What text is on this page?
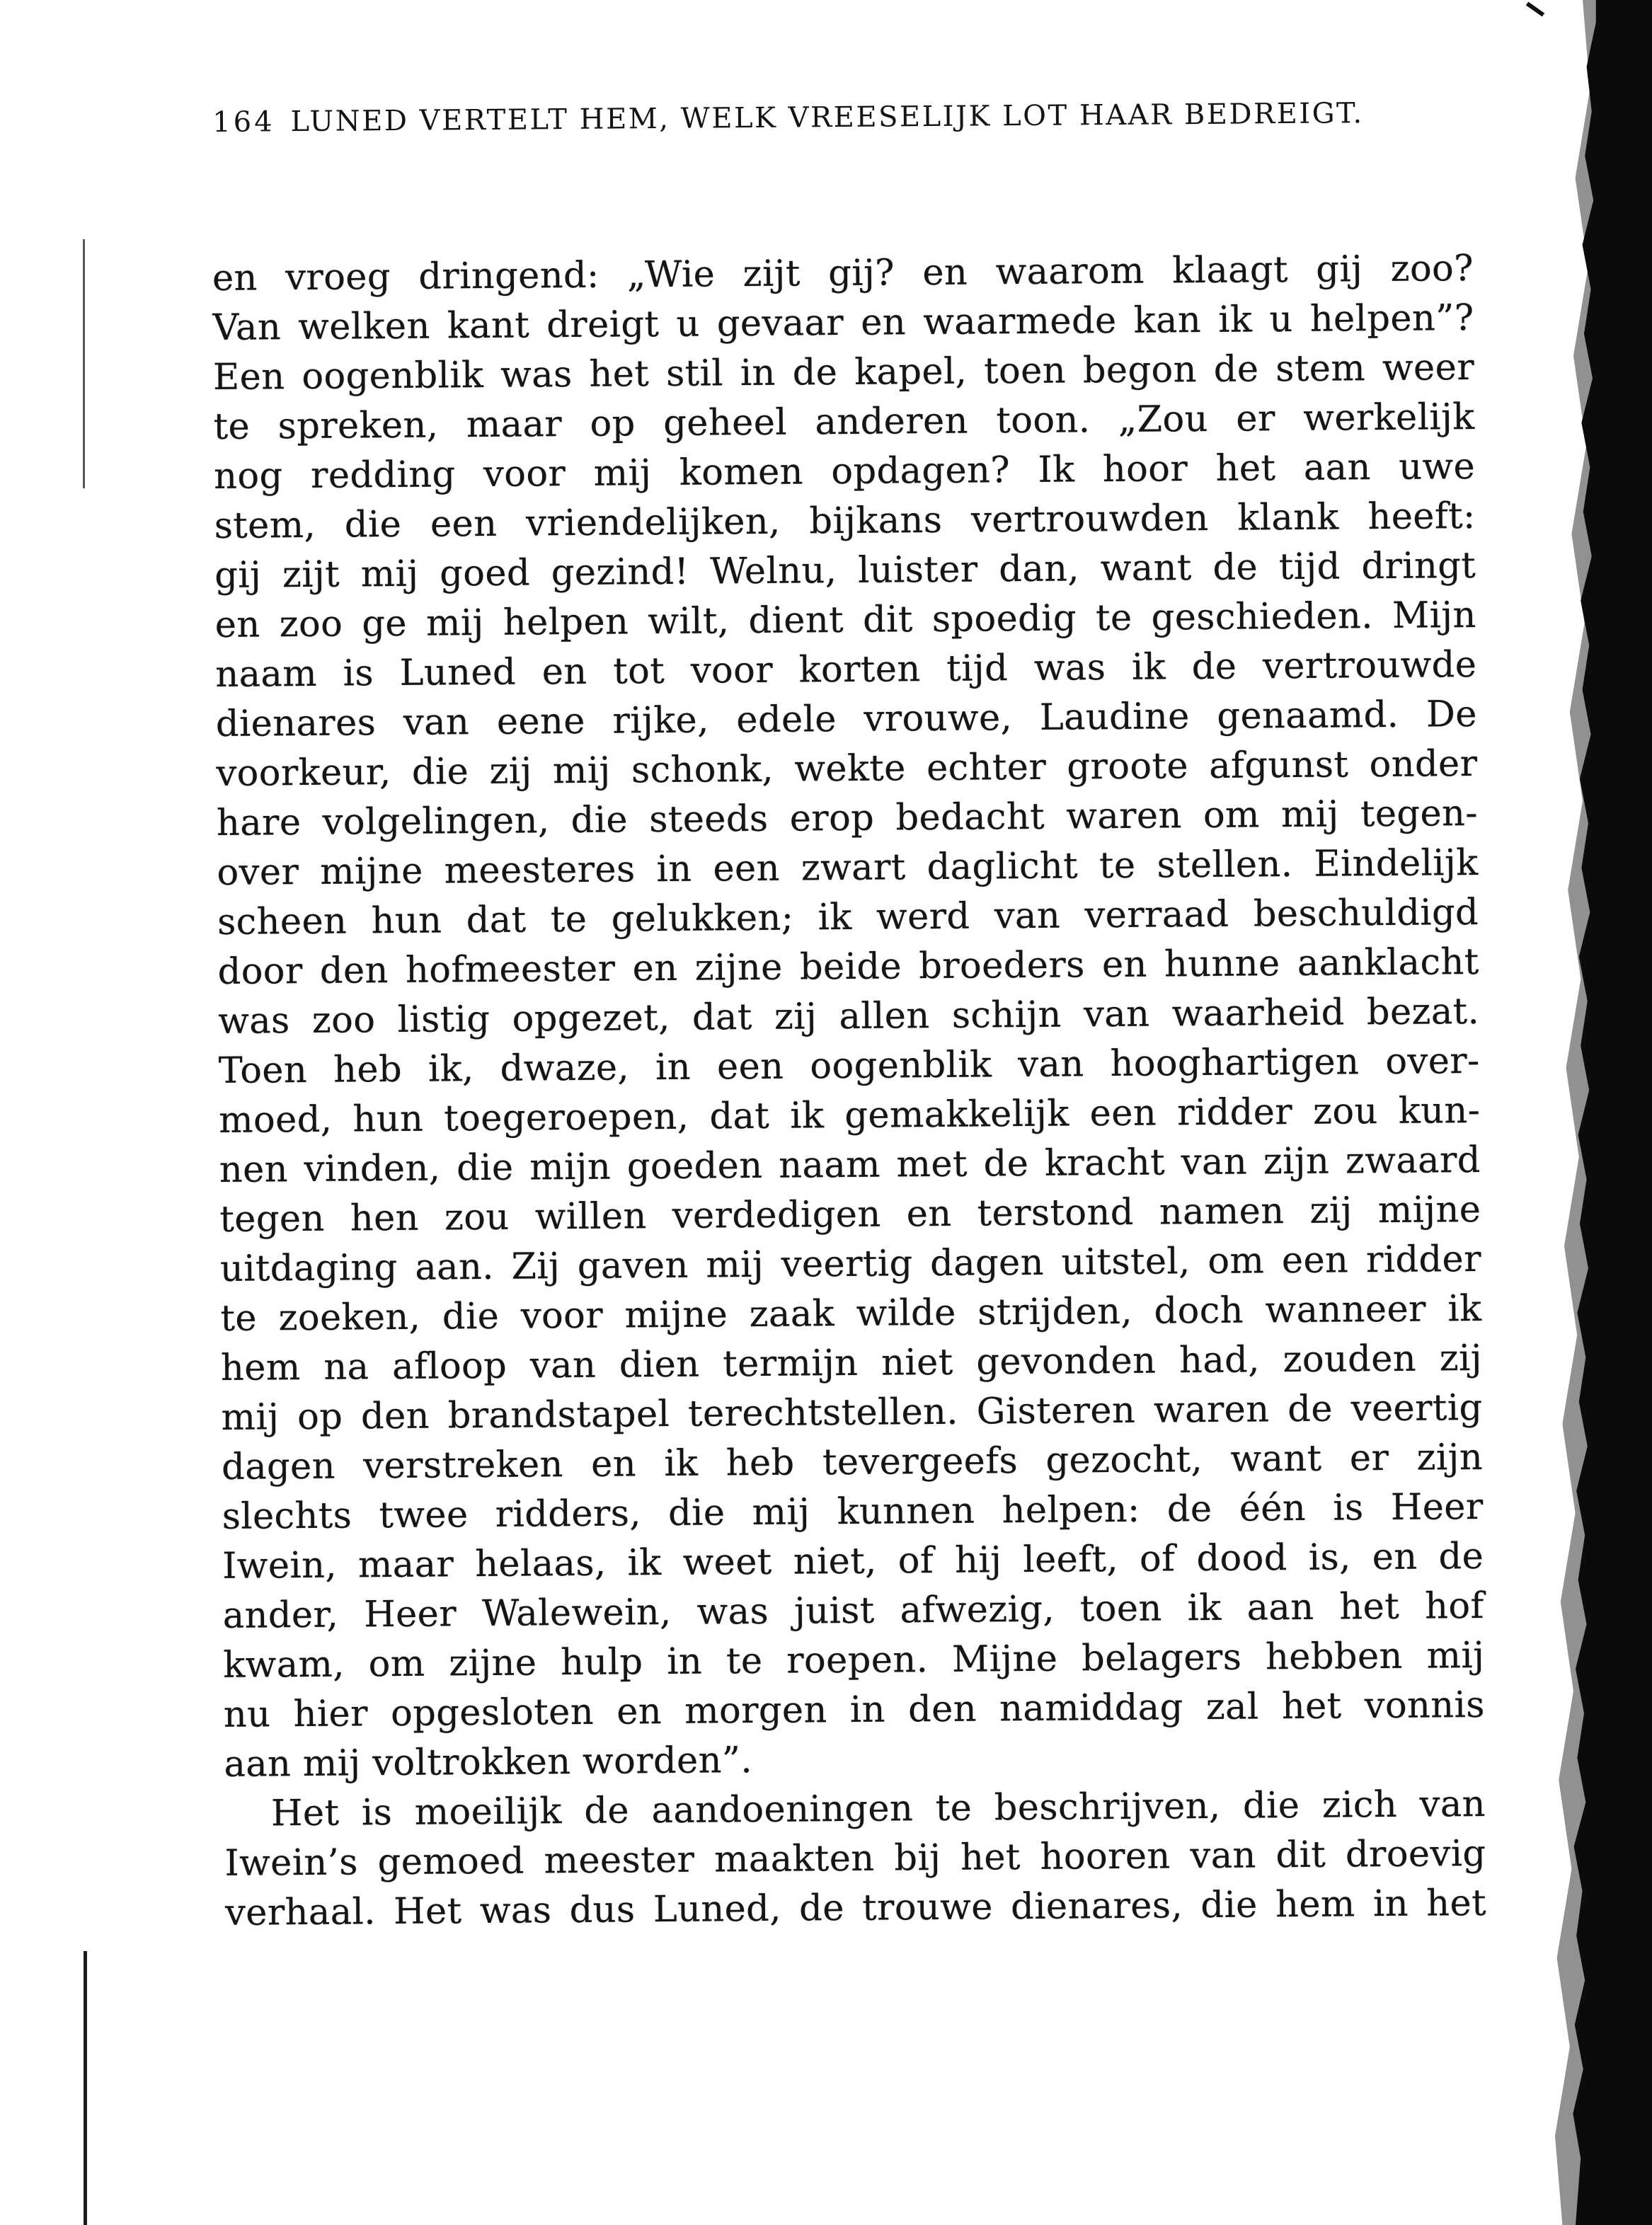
164 LUNED VERTELT HEM, WELK VREESELIJK LOT HAAR BEDREIGT.
en vroeg dringend: „Wie zijt gij? en waarom klaagt gij zoo?
Van welken kant dreigt u gevaar en waarmede kan ik u helpen”?
Een oogenblik was het stil in de kapel, toen begon de stem weer
te spreken, maar op geheel anderen toon. „Zou er werkelijk
nog redding voor mij komen opdagen? Ik hoor het aan uwe
stem, die een vriendelijken, bijkans vertrouwden klank heeft:
gij zijt mij goed gezind! Welnu, luister dan, want de tijd dringt
en zoo ge mij helpen wilt, dient dit spoedig te geschieden. Mijn
naam is Luned en tot voor korten tijd was ik de vertrouwde
dienares van eene rijke, edele vrouwe, Laudine genaamd. De
voorkeur, die zij mij schonk, wekte echter groote afgunst onder
hare volgelingen, die steeds erop bedacht waren om mij tegen-
over mijne meesteres in een zwart daglicht te stellen. Eindelijk
scheen hun dat te gelukken; ik werd van verraad beschuldigd
door den hofmeester en zijne beide broeders en hunne aanklacht
was zoo listig opgezet, dat zij allen schijn van waarheid bezat.
Toen heb ik, dwaze, in een oogenblik van hooghartigen over-
moed, hun toegeroepen, dat ik gemakkelijk een ridder zou kun-
nen vinden, die mijn goeden naam met de kracht van zijn zwaard
tegen hen zou willen verdedigen en terstond namen zij mijne
uitdaging aan. Zij gaven mij veertig dagen uitstel, om een ridder
te zoeken, die voor mijne zaak wilde strijden, doch wanneer ik
hem na afloop van dien termijn niet gevonden had, zouden zij
mij op den brandstapel terechtstellen. Gisteren waren de veertig
dagen verstreken en ik heb tevergeefs gezocht, want er zijn
slechts twee ridders, die mij kunnen helpen: de één is Heer
Iwein, maar helaas, ik weet niet, of hij leeft, of dood is, en de
ander, Heer Walewein, was juist afwezig, toen ik aan het hof
kwam, om zijne hulp in te roepen. Mijne belagers hebben mij
nu hier opgesloten en morgen in den namiddag zal het vonnis
aan mij voltrokken worden”.
Het is moeilijk de aandoeningen te beschrijven, die zich van
Iwein’s gemoed meester maakten bij het hooren van dit droevig
verhaal. Het was dus Luned, de trouwe dienares, die hem in het
